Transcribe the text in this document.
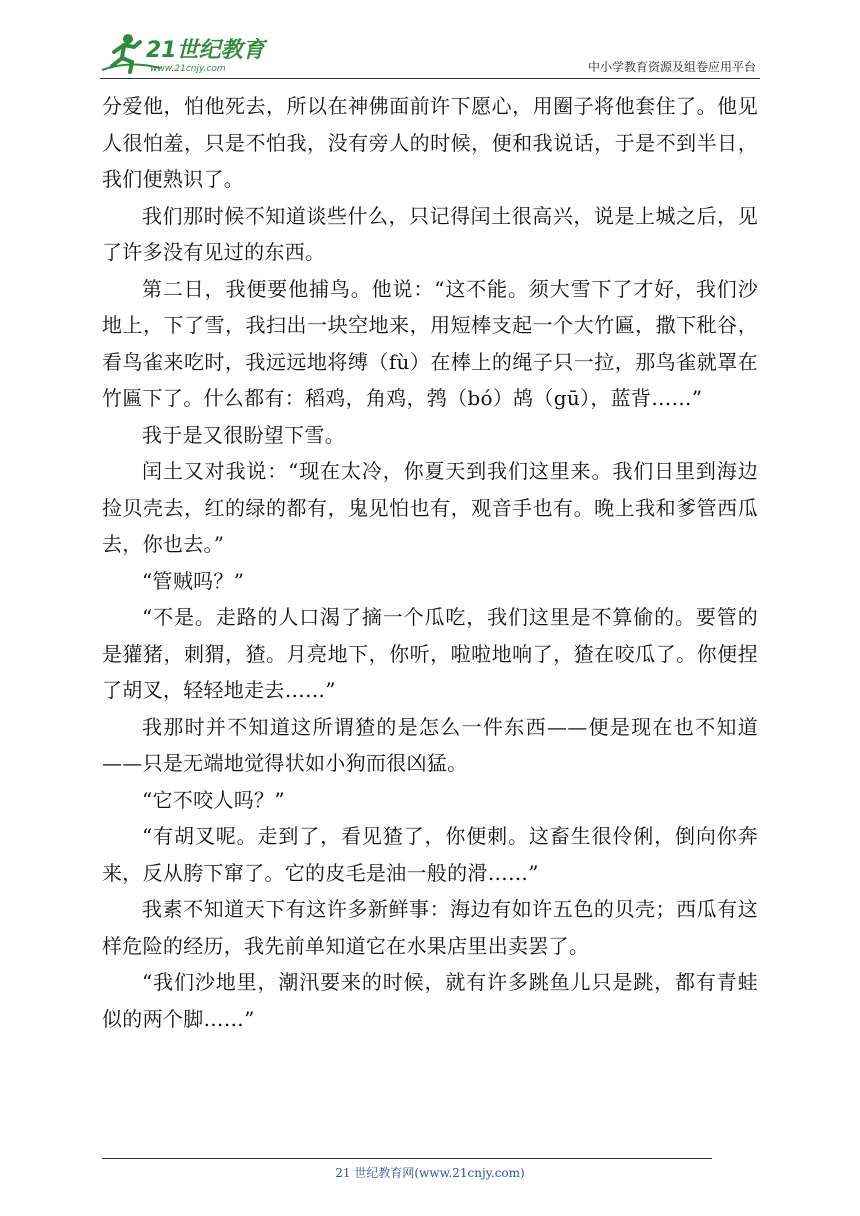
21世纪教育
www.21cnjy.com	中小学教育资源及组卷应用平台

分爱他，怕他死去，所以在神佛面前许下愿心，用圈子将他套住了。他见人很怕羞，只是不怕我，没有旁人的时候，便和我说话，于是不到半日，我们便熟识了。

我们那时候不知道谈些什么，只记得闰土很高兴，说是上城之后，见了许多没有见过的东西。

第二日，我便要他捕鸟。他说：“这不能。须大雪下了才好，我们沙地上，下了雪，我扫出一块空地来，用短棒支起一个大竹匾，撒下秕谷，看鸟雀来吃时，我远远地将缚（fù）在棒上的绳子只一拉，那鸟雀就罩在竹匾下了。什么都有：稻鸡，角鸡，鹁（bó）鸪（gū），蓝背……”

我于是又很盼望下雪。

闰土又对我说：“现在太冷，你夏天到我们这里来。我们日里到海边捡贝壳去，红的绿的都有，鬼见怕也有，观音手也有。晚上我和爹管西瓜去，你也去。”

“管贼吗？”

“不是。走路的人口渴了摘一个瓜吃，我们这里是不算偷的。要管的是獾猪，刺猬，猹。月亮地下，你听，啦啦地响了，猹在咬瓜了。你便捏了胡叉，轻轻地走去……”

我那时并不知道这所谓猹的是怎么一件东西——便是现在也不知道——只是无端地觉得状如小狗而很凶猛。

“它不咬人吗？”

“有胡叉呢。走到了，看见猹了，你便刺。这畜生很伶俐，倒向你奔来，反从胯下窜了。它的皮毛是油一般的滑……”

我素不知道天下有这许多新鲜事：海边有如许五色的贝壳；西瓜有这样危险的经历，我先前单知道它在水果店里出卖罢了。

“我们沙地里，潮汛要来的时候，就有许多跳鱼儿只是跳，都有青蛙似的两个脚……”

21 世纪教育网(www.21cnjy.com)
